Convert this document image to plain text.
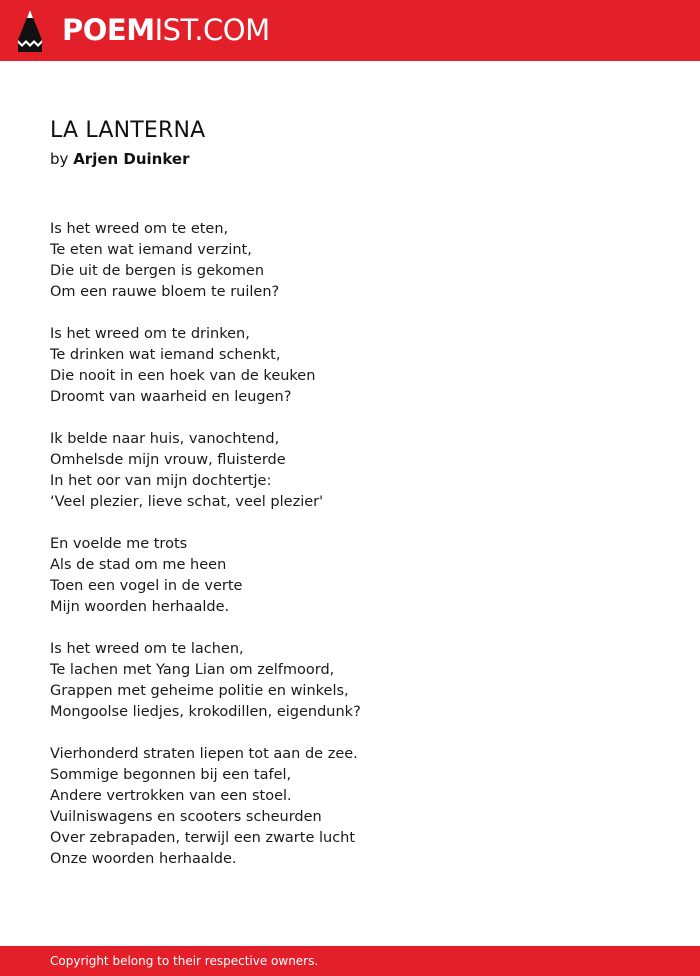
POEMIST.COM
LA LANTERNA
by Arjen Duinker
Is het wreed om te eten,
Te eten wat iemand verzint,
Die uit de bergen is gekomen
Om een rauwe bloem te ruilen?
Is het wreed om te drinken,
Te drinken wat iemand schenkt,
Die nooit in een hoek van de keuken
Droomt van waarheid en leugen?
Ik belde naar huis, vanochtend,
Omhelsde mijn vrouw, fluisterde
In het oor van mijn dochtertje:
‘Veel plezier, lieve schat, veel plezier'
En voelde me trots
Als de stad om me heen
Toen een vogel in de verte
Mijn woorden herhaalde.
Is het wreed om te lachen,
Te lachen met Yang Lian om zelfmoord,
Grappen met geheime politie en winkels,
Mongoolse liedjes, krokodillen, eigendunk?
Vierhonderd straten liepen tot aan de zee.
Sommige begonnen bij een tafel,
Andere vertrokken van een stoel.
Vuilniswagens en scooters scheurden
Over zebrapaden, terwijl een zwarte lucht
Onze woorden herhaalde.
Copyright belong to their respective owners.
